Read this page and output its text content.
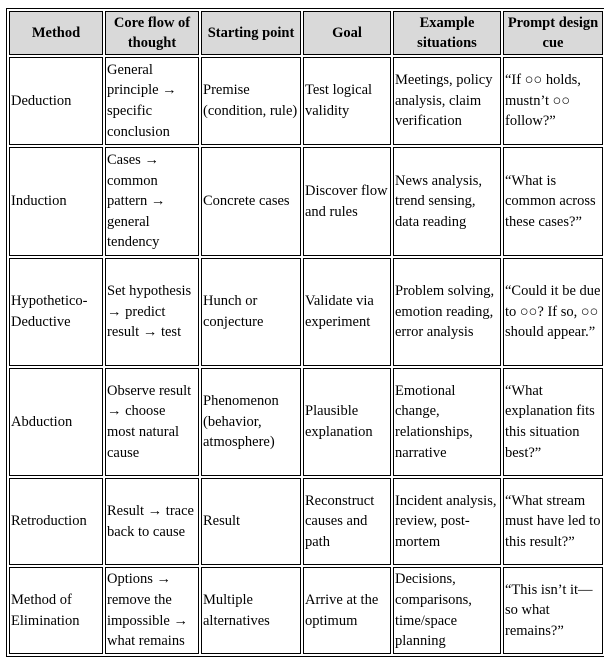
Method	Core flow of thought	Starting point	Goal	Example situations	Prompt design cue
Deduction	General principle → specific conclusion	Premise (condition, rule)	Test logical validity	Meetings, policy analysis, claim verification	“If ○○ holds, mustn’t ○○ follow?”
Induction	Cases → common pattern → general tendency	Concrete cases	Discover flow and rules	News analysis, trend sensing, data reading	“What is common across these cases?”
Hypothetico-Deductive	Set hypothesis → predict result → test	Hunch or conjecture	Validate via experiment	Problem solving, emotion reading, error analysis	“Could it be due to ○○? If so, ○○ should appear.”
Abduction	Observe result → choose most natural cause	Phenomenon (behavior, atmosphere)	Plausible explanation	Emotional change, relationships, narrative	“What explanation fits this situation best?”
Retroduction	Result → trace back to cause	Result	Reconstruct causes and path	Incident analysis, review, post-mortem	“What stream must have led to this result?”
Method of Elimination	Options → remove the impossible → what remains	Multiple alternatives	Arrive at the optimum	Decisions, comparisons, time/space planning	“This isn’t it—so what remains?”
